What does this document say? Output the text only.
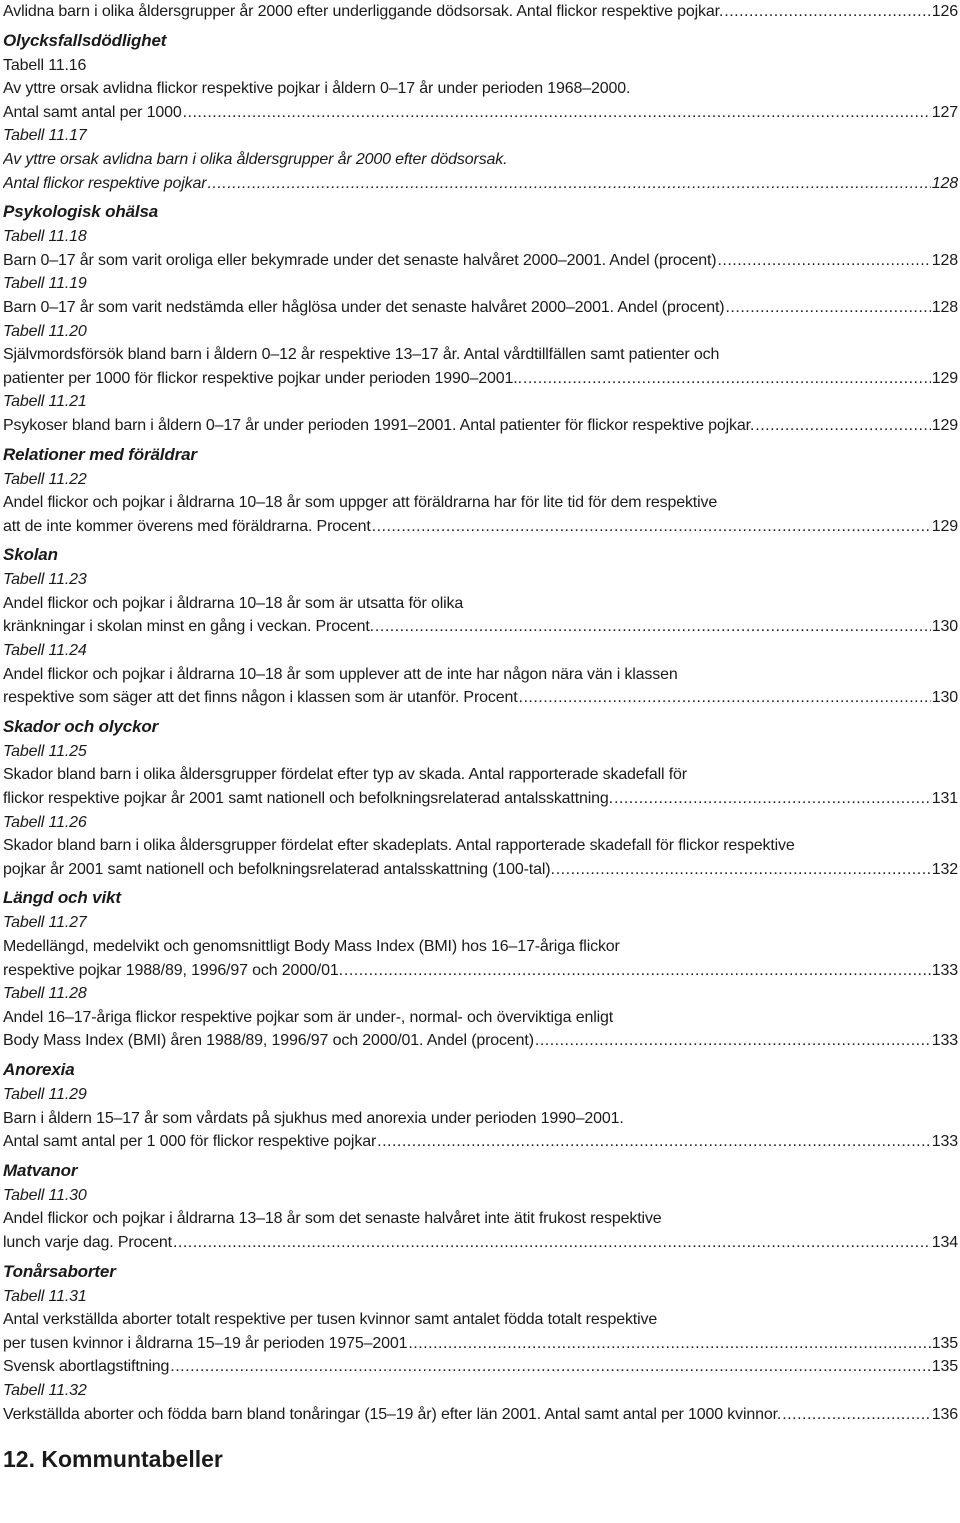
Avlidna barn i olika åldersgrupper år 2000 efter underliggande dödsorsak. Antal flickor respektive pojkar. .....	126
Olycksfallsdödlighet
Tabell 11.16
Av yttre orsak avlidna flickor respektive pojkar i åldern 0–17 år under perioden 1968–2000.
Antal samt antal per 1000 .....	127
Tabell 11.17
Av yttre orsak avlidna barn i olika åldersgrupper år 2000 efter dödsorsak.
Antal flickor respektive pojkar .....	128
Psykologisk ohälsa
Tabell 11.18
Barn 0–17 år som varit oroliga eller bekymrade under det senaste halvåret 2000–2001. Andel (procent) .....	128
Tabell 11.19
Barn 0–17 år som varit nedstämda eller håglösa under det senaste halvåret 2000–2001. Andel (procent) .....	128
Tabell 11.20
Självmordsförsök bland barn i åldern 0–12 år respektive 13–17 år. Antal vårdtillfällen samt patienter och
patienter per 1000 för flickor respektive pojkar under perioden 1990–2001.. .....	129
Tabell 11.21
Psykoser bland barn i åldern 0–17 år under perioden 1991–2001. Antal patienter för flickor respektive pojkar. .....	129
Relationer med föräldrar
Tabell 11.22
Andel flickor och pojkar i åldrarna 10–18 år som uppger att föräldrarna har för lite tid för dem respektive
att de inte kommer överens med föräldrarna. Procent .....	129
Skolan
Tabell 11.23
Andel flickor och pojkar i åldrarna 10–18 år som är utsatta för olika
kränkningar i skolan minst en gång i veckan. Procent. .....	130
Tabell 11.24
Andel flickor och pojkar i åldrarna 10–18 år som upplever att de inte har någon nära vän i klassen
respektive som säger att det finns någon i klassen som är utanför. Procent .....	130
Skador och olyckor
Tabell 11.25
Skador bland barn i olika åldersgrupper fördelat efter typ av skada. Antal rapporterade skadefall för
flickor respektive pojkar år 2001 samt nationell och befolkningsrelaterad antalsskattning. .....	131
Tabell 11.26
Skador bland barn i olika åldersgrupper fördelat efter skadeplats. Antal rapporterade skadefall för flickor respektive
pojkar år 2001 samt nationell och befolkningsrelaterad antalsskattning (100-tal). .....	132
Längd och vikt
Tabell 11.27
Medellängd, medelvikt och genomsnittligt Body Mass Index (BMI) hos 16–17-åriga flickor
respektive pojkar 1988/89, 1996/97 och 2000/01. .....	133
Tabell 11.28
Andel 16–17-åriga flickor respektive pojkar som är under-, normal- och överviktiga enligt
Body Mass Index (BMI) åren 1988/89, 1996/97 och 2000/01. Andel (procent) .....	133
Anorexia
Tabell 11.29
Barn i åldern 15–17 år som vårdats på sjukhus med anorexia under perioden 1990–2001.
Antal samt antal per 1 000 för flickor respektive pojkar .....	133
Matvanor
Tabell 11.30
Andel flickor och pojkar i åldrarna 13–18 år som det senaste halvåret inte ätit frukost respektive
lunch varje dag. Procent .....	134
Tonårsaborter
Tabell 11.31
Antal verkställda aborter totalt respektive per tusen kvinnor samt antalet födda totalt respektive
per tusen kvinnor i åldrarna 15–19 år perioden 1975–2001 .....	135
Svensk abortlagstiftning .....	135
Tabell 11.32
Verkställda aborter och födda barn bland tonåringar (15–19 år) efter län 2001. Antal samt antal per 1000 kvinnor. .....	136
12. Kommuntabeller
